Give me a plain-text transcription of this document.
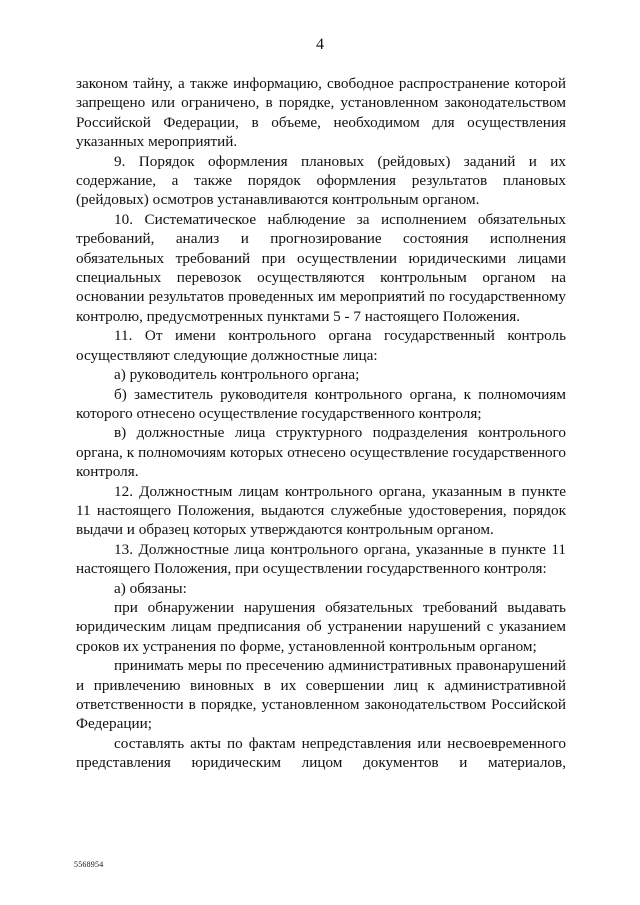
4

законом тайну, а также информацию, свободное распространение которой запрещено или ограничено, в порядке, установленном законодательством Российской Федерации, в объеме, необходимом для осуществления указанных мероприятий.

9. Порядок оформления плановых (рейдовых) заданий и их содержание, а также порядок оформления результатов плановых (рейдовых) осмотров устанавливаются контрольным органом.

10. Систематическое наблюдение за исполнением обязательных требований, анализ и прогнозирование состояния исполнения обязательных требований при осуществлении юридическими лицами специальных перевозок осуществляются контрольным органом на основании результатов проведенных им мероприятий по государственному контролю, предусмотренных пунктами 5 - 7 настоящего Положения.

11. От имени контрольного органа государственный контроль осуществляют следующие должностные лица:

а) руководитель контрольного органа;

б) заместитель руководителя контрольного органа, к полномочиям которого отнесено осуществление государственного контроля;

в) должностные лица структурного подразделения контрольного органа, к полномочиям которых отнесено осуществление государственного контроля.

12. Должностным лицам контрольного органа, указанным в пункте 11 настоящего Положения, выдаются служебные удостоверения, порядок выдачи и образец которых утверждаются контрольным органом.

13. Должностные лица контрольного органа, указанные в пункте 11 настоящего Положения, при осуществлении государственного контроля:

а) обязаны:

при обнаружении нарушения обязательных требований выдавать юридическим лицам предписания об устранении нарушений с указанием сроков их устранения по форме, установленной контрольным органом;

принимать меры по пресечению административных правонарушений и привлечению виновных в их совершении лиц к административной ответственности в порядке, установленном законодательством Российской Федерации;

составлять акты по фактам непредставления или несвоевременного представления юридическим лицом документов и материалов,

5568954
